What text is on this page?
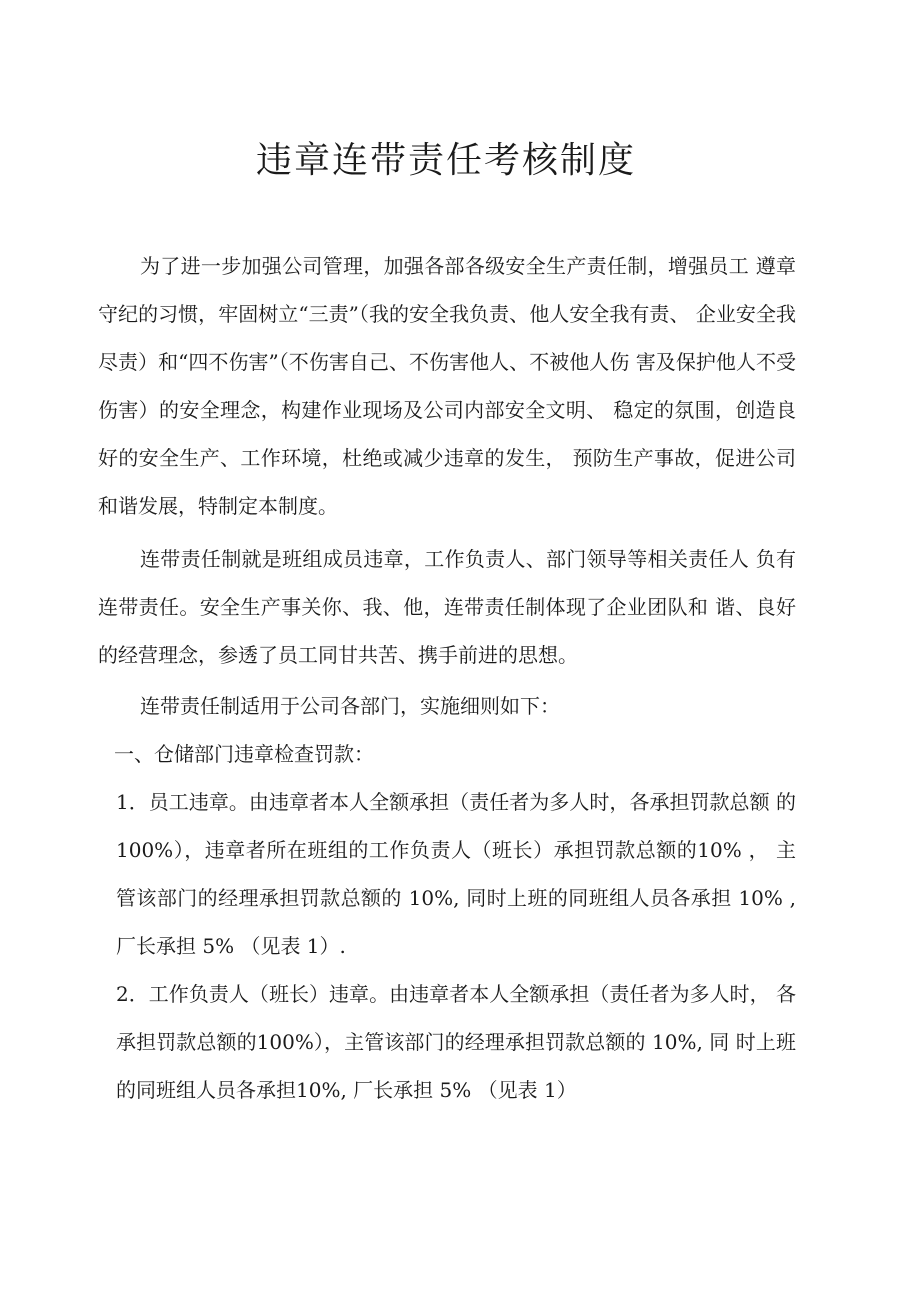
违章连带责任考核制度

为了进一步加强公司管理，加强各部各级安全生产责任制，增强员工 遵章守纪的习惯，牢固树立“三责”（我的安全我负责、他人安全我有责、 企业安全我尽责）和“四不伤害”（不伤害自己、不伤害他人、不被他人伤 害及保护他人不受伤害）的安全理念，构建作业现场及公司内部安全文明、 稳定的氛围，创造良好的安全生产、工作环境，杜绝或减少违章的发生， 预防生产事故，促进公司和谐发展，特制定本制度。

连带责任制就是班组成员违章，工作负责人、部门领导等相关责任人 负有连带责任。安全生产事关你、我、他，连带责任制体现了企业团队和 谐、良好的经营理念，参透了员工同甘共苦、携手前进的思想。

连带责任制适用于公司各部门，实施细则如下：

一、仓储部门违章检查罚款：

1．员工违章。由违章者本人全额承担（责任者为多人时，各承担罚款总额 的100%），违章者所在班组的工作负责人（班长）承担罚款总额的10% ， 主管该部门的经理承担罚款总额的 10%, 同时上班的同班组人员各承担 10% , 厂长承担 5% （见表 1）.

2．工作负责人（班长）违章。由违章者本人全额承担（责任者为多人时， 各承担罚款总额的100%），主管该部门的经理承担罚款总额的 10%, 同 时上班的同班组人员各承担10%, 厂长承担 5% （见表 1）
